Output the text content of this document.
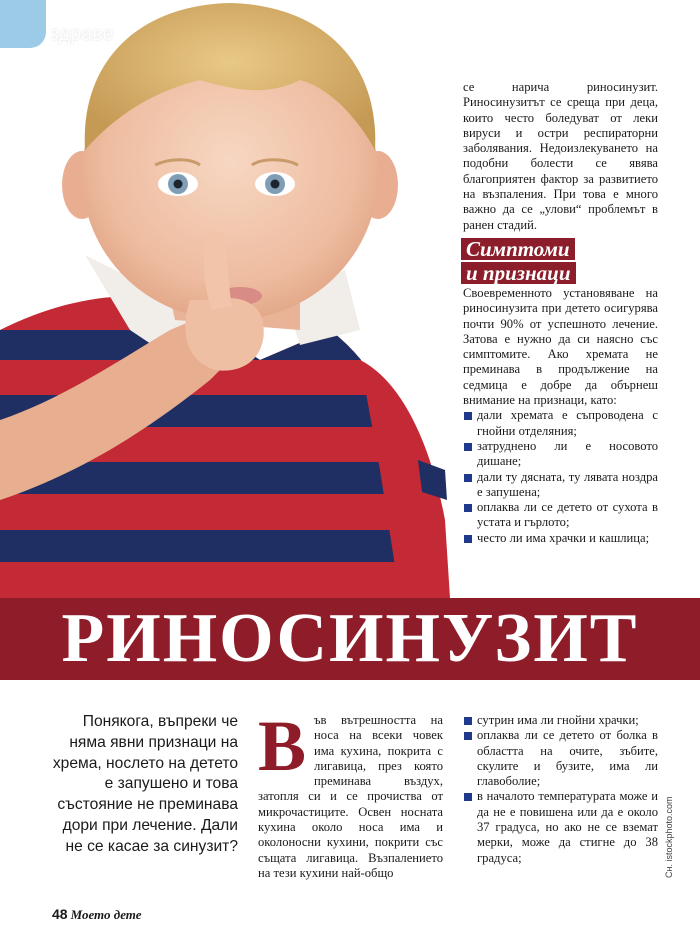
здраве

се нарича риносинузит. Риносинузитът се среща при деца, които често боледуват от леки вируси и остри респираторни заболявания. Недоизлекуването на подобни болести се явява благоприятен фактор за развитието на възпаления. При това е много важно да се „улови“ проблемът в ранен стадий.

Симптоми
и признаци

Своевременното установяване на риносинузита при детето осигурява почти 90% от успешното лечение. Затова е нужно да си наясно със симптомите. Ако хремата не преминава в продължение на седмица е добре да обърнеш внимание на признаци, като:

дали хремата е съпроводена с гнойни отделяния;
затруднено ли е носовото дишане;
дали ту дясната, ту лявата ноздра е запушена;
оплаква ли се детето от сухота в устата и гърлото;
често ли има храчки и кашлица;
РИНОСИНУЗИТ
Понякога, въпреки че няма явни признаци на хрема, нослето на детето е запушено и това състояние не преминава дори при лечение. Дали не се касае за синузит?
В ъв вътрешността на носа на всеки човек има кухина, покрита с лигавица, през която преминава въздух, затопля си и се прочиства от микрочастиците. Освен носната кухина около носа има и околоносни кухини, покрити със същата лигавица. Възпалението на тези кухини най-общо

сутрин има ли гнойни храчки;
оплаква ли се детето от болка в областта на очите, зъбите, скулите и бузите, има ли главоболие;
в началото температурата може и да не е повишена или да е около 37 градуса, но ако не се вземат мерки, може да стигне до 38 градуса;	Сн. istockphoto.com
48 Моето дете
